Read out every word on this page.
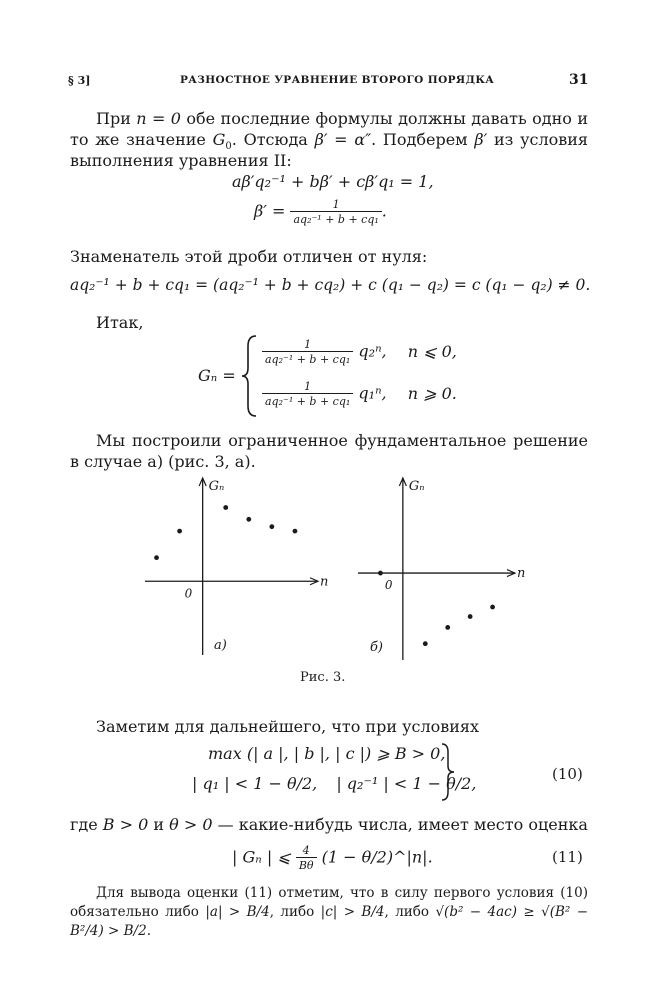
§ 3]	РАЗНОСТНОЕ УРАВНЕНИЕ ВТОРОГО ПОРЯДКА	31

При n = 0 обе последние формулы должны давать одно и то же значение $G_0$. Отсюда β′ = α″. Подберем β′ из условия выполнения уравнения II:

aβ′q₂⁻¹ + bβ′ + cβ′q₁ = 1,
$\beta' = \frac{1}{\text{aq₂⁻¹ + b + cq₁}}$ .

Знаменатель этой дроби отличен от нуля:

aq₂⁻¹ + b + cq₁ = (aq₂⁻¹ + b + cq₂) + c (q₁ − q₂) = c (q₁ − q₂) ≠ 0.

Итак,

Gₙ =
$\frac{1}{\text{aq₂⁻¹ + b + cq₁}} q_2^n$, n ⩽ 0,
$\frac{1}{\text{aq₂⁻¹ + b + cq₁}} q_1^n$, n ⩾ 0.

Мы построили ограниченное фундаментальное решение в случае а) (рис. 3, а).

Gₙ
n
0
Gₙ
n
0
а)	б)
Рис. 3.

Заметим для дальнейшего, что при условиях

max (| a |, | b |, | c |) ⩾ B > 0,
| q₁ | < 1 − θ/2, | q₂⁻¹ | < 1 − θ/2,	(10)

где B > 0 и θ > 0 — какие-нибудь числа, имеет место оценка

| Gₙ | ⩽ $\frac{4}{B\theta} (1$ − θ/2)^|n|.	(11)

Для вывода оценки (11) отметим, что в силу первого условия (10) обязательно либо |a| > B/4, либо |c| > B/4, либо √(b² − 4ac) ≥ √(B² − B²/4) > B/2.
